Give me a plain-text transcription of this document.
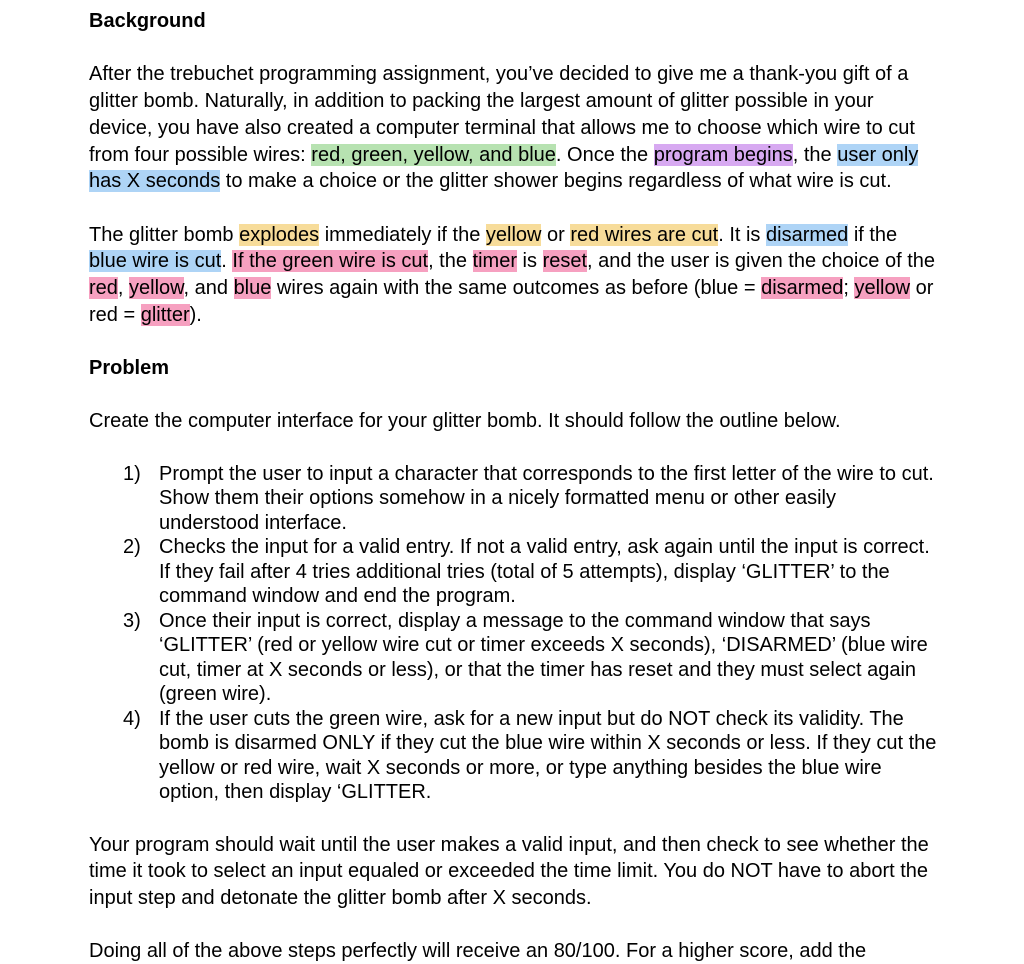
Background

After the trebuchet programming assignment, you’ve decided to give me a thank-you gift of a glitter bomb. Naturally, in addition to packing the largest amount of glitter possible in your device, you have also created a computer terminal that allows me to choose which wire to cut from four possible wires: red, green, yellow, and blue. Once the program begins, the user only has X seconds to make a choice or the glitter shower begins regardless of what wire is cut.

The glitter bomb explodes immediately if the yellow or red wires are cut. It is disarmed if the blue wire is cut. If the green wire is cut, the timer is reset, and the user is given the choice of the red, yellow, and blue wires again with the same outcomes as before (blue = disarmed; yellow or red = glitter).

Problem

Create the computer interface for your glitter bomb. It should follow the outline below.

1) Prompt the user to input a character that corresponds to the first letter of the wire to cut. Show them their options somehow in a nicely formatted menu or other easily understood interface.
2) Checks the input for a valid entry. If not a valid entry, ask again until the input is correct. If they fail after 4 tries additional tries (total of 5 attempts), display ‘GLITTER’ to the command window and end the program.
3) Once their input is correct, display a message to the command window that says ‘GLITTER’ (red or yellow wire cut or timer exceeds X seconds), ‘DISARMED’ (blue wire cut, timer at X seconds or less), or that the timer has reset and they must select again (green wire).
4) If the user cuts the green wire, ask for a new input but do NOT check its validity. The bomb is disarmed ONLY if they cut the blue wire within X seconds or less. If they cut the yellow or red wire, wait X seconds or more, or type anything besides the blue wire option, then display ‘GLITTER.

Your program should wait until the user makes a valid input, and then check to see whether the time it took to select an input equaled or exceeded the time limit. You do NOT have to abort the input step and detonate the glitter bomb after X seconds.

Doing all of the above steps perfectly will receive an 80/100. For a higher score, add the
